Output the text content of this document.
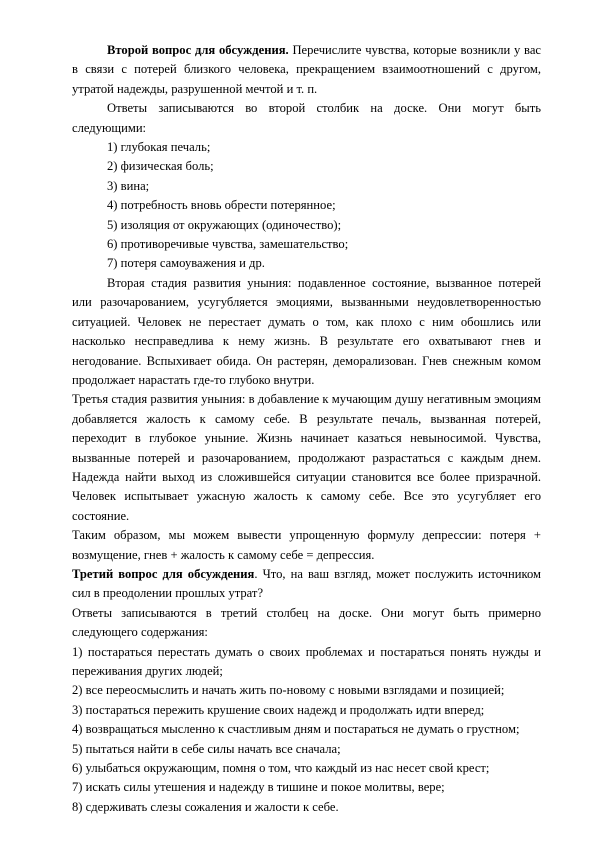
Второй вопрос для обсуждения. Перечислите чувства, которые возникли у вас в связи с потерей близкого человека, прекращением взаимоотношений с другом, утратой надежды, разрушенной мечтой и т. п.

Ответы записываются во второй столбик на доске. Они могут быть следующими:

1) глубокая печаль;

2) физическая боль;

3) вина;

4) потребность вновь обрести потерянное;

5) изоляция от окружающих (одиночество);

6) противоречивые чувства, замешательство;

7) потеря самоуважения и др.

Вторая стадия развития уныния: подавленное состояние, вызванное потерей или разочарованием, усугубляется эмоциями, вызванными неудовлетворенностью ситуацией. Человек не перестает думать о том, как плохо с ним обошлись или насколько несправедлива к нему жизнь. В результате его охватывают гнев и негодование. Вспыхивает обида. Он растерян, деморализован. Гнев снежным комом продолжает нарастать где-то глубоко внутри.

Третья стадия развития уныния: в добавление к мучающим душу негативным эмоциям добавляется жалость к самому себе. В результате печаль, вызванная потерей, переходит в глубокое уныние. Жизнь начинает казаться невыносимой. Чувства, вызванные потерей и разочарованием, продолжают разрастаться с каждым днем. Надежда найти выход из сложившейся ситуации становится все более призрачной. Человек испытывает ужасную жалость к самому себе. Все это усугубляет его состояние.

Таким образом, мы можем вывести упрощенную формулу депрессии: потеря + возмущение, гнев + жалость к самому себе = депрессия.

Третий вопрос для обсуждения. Что, на ваш взгляд, может послужить источником сил в преодолении прошлых утрат?

Ответы записываются в третий столбец на доске. Они могут быть примерно следующего содержания:

1) постараться перестать думать о своих проблемах и постараться понять нужды и переживания других людей;

2) все переосмыслить и начать жить по-новому с новыми взглядами и позицией;

3) постараться пережить крушение своих надежд и продолжать идти вперед;

4) возвращаться мысленно к счастливым дням и постараться не думать о грустном;

5) пытаться найти в себе силы начать все сначала;

6) улыбаться окружающим, помня о том, что каждый из нас несет свой крест;

7) искать силы утешения и надежду в тишине и покое молитвы, вере;

8) сдерживать слезы сожаления и жалости к себе.
